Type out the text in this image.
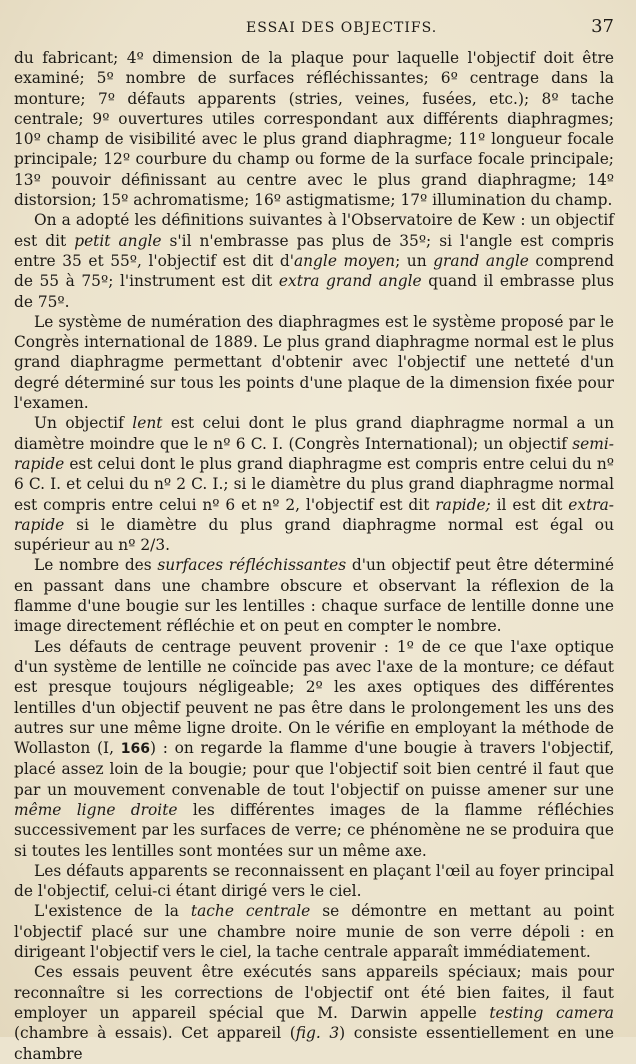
ESSAI DES OBJECTIFS.	37

du fabricant; 4º dimension de la plaque pour laquelle l'objectif doit être examiné; 5º nombre de surfaces réfléchissantes; 6º centrage dans la monture; 7º défauts apparents (stries, veines, fusées, etc.); 8º tache centrale; 9º ouvertures utiles correspondant aux différents diaphragmes; 10º champ de visibilité avec le plus grand diaphragme; 11º longueur focale principale; 12º courbure du champ ou forme de la surface focale principale; 13º pouvoir définissant au centre avec le plus grand diaphragme; 14º distorsion; 15º achromatisme; 16º astigmatisme; 17º illumination du champ.

On a adopté les définitions suivantes à l'Observatoire de Kew : un objectif est dit petit angle s'il n'embrasse pas plus de 35º; si l'angle est compris entre 35 et 55º, l'objectif est dit d'angle moyen; un grand angle comprend de 55 à 75º; l'instrument est dit extra grand angle quand il embrasse plus de 75º.

Le système de numération des diaphragmes est le système proposé par le Congrès international de 1889. Le plus grand diaphragme normal est le plus grand diaphragme permettant d'obtenir avec l'objectif une netteté d'un degré déterminé sur tous les points d'une plaque de la dimension fixée pour l'examen.

Un objectif lent est celui dont le plus grand diaphragme normal a un diamètre moindre que le nº 6 C. I. (Congrès International); un objectif semi-rapide est celui dont le plus grand diaphragme est compris entre celui du nº 6 C. I. et celui du nº 2 C. I.; si le diamètre du plus grand diaphragme normal est compris entre celui nº 6 et nº 2, l'objectif est dit rapide; il est dit extra-rapide si le diamètre du plus grand diaphragme normal est égal ou supérieur au nº 2/3.

Le nombre des surfaces réfléchissantes d'un objectif peut être déterminé en passant dans une chambre obscure et observant la réflexion de la flamme d'une bougie sur les lentilles : chaque surface de lentille donne une image directement réfléchie et on peut en compter le nombre.

Les défauts de centrage peuvent provenir : 1º de ce que l'axe optique d'un système de lentille ne coïncide pas avec l'axe de la monture; ce défaut est presque toujours négligeable; 2º les axes optiques des différentes lentilles d'un objectif peuvent ne pas être dans le prolongement les uns des autres sur une même ligne droite. On le vérifie en employant la méthode de Wollaston (I, 166) : on regarde la flamme d'une bougie à travers l'objectif, placé assez loin de la bougie; pour que l'objectif soit bien centré il faut que par un mouvement convenable de tout l'objectif on puisse amener sur une même ligne droite les différentes images de la flamme réfléchies successivement par les surfaces de verre; ce phénomène ne se produira que si toutes les lentilles sont montées sur un même axe.

Les défauts apparents se reconnaissent en plaçant l'œil au foyer principal de l'objectif, celui-ci étant dirigé vers le ciel.

L'existence de la tache centrale se démontre en mettant au point l'objectif placé sur une chambre noire munie de son verre dépoli : en dirigeant l'objectif vers le ciel, la tache centrale apparaît immédiatement.

Ces essais peuvent être exécutés sans appareils spéciaux; mais pour reconnaître si les corrections de l'objectif ont été bien faites, il faut employer un appareil spécial que M. Darwin appelle testing camera (chambre à essais). Cet appareil (fig. 3) consiste essentiellement en une chambre
